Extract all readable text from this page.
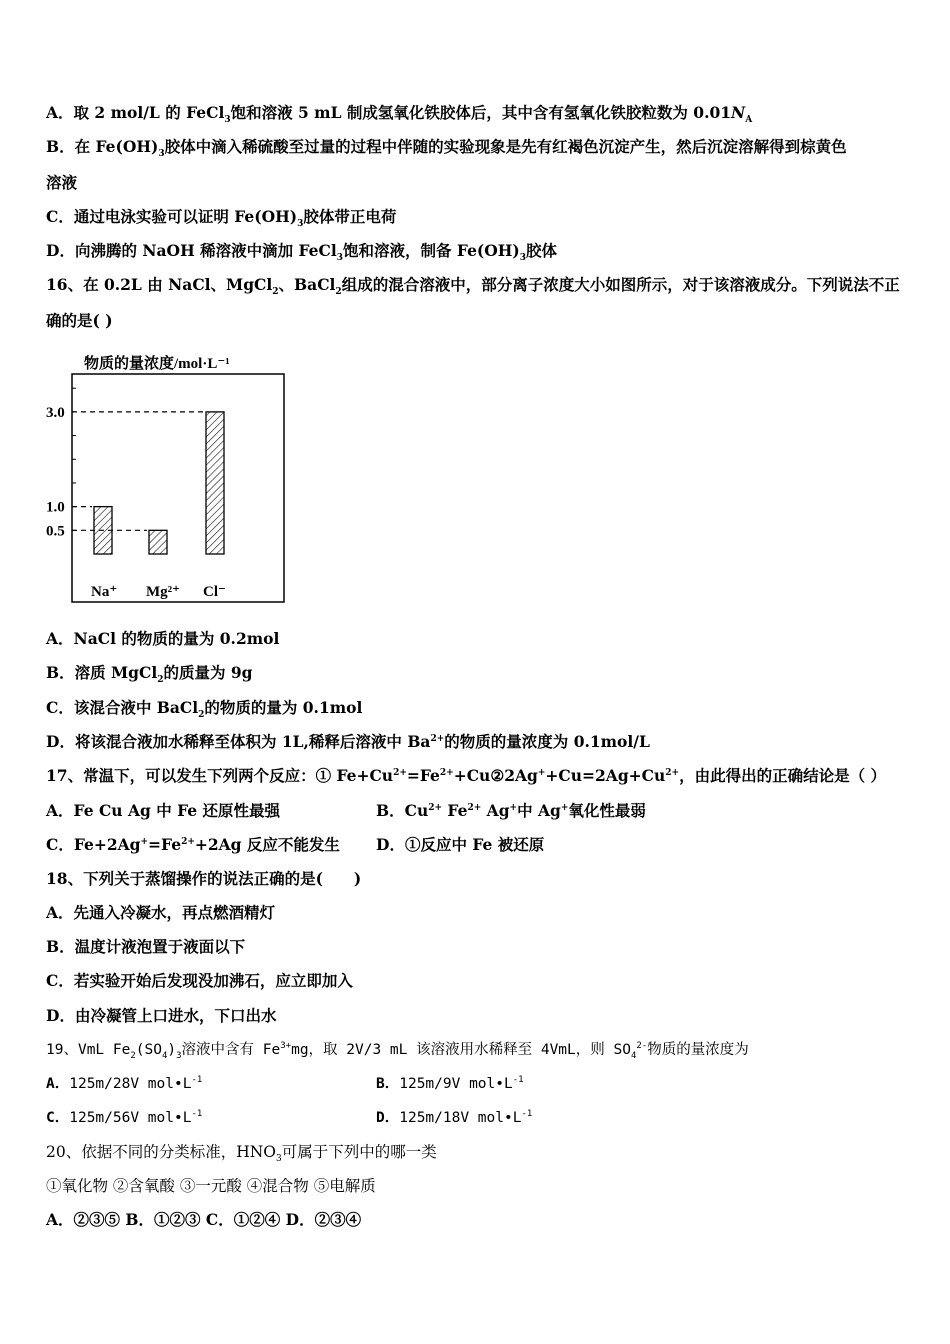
A．取 2 mol/L 的 FeCl$_3$饱和溶液 5 mL 制成氢氧化铁胶体后，其中含有氢氧化铁胶粒数为 $0.01N_A$
B．在 $Fe(OH)_3$胶体中滴入稀硫酸至过量的过程中伴随的实验现象是先有红褐色沉淀产生，然后沉淀溶解得到棕黄色
溶液
C．通过电泳实验可以证明 $Fe(OH)_3$胶体带正电荷
D．向沸腾的 NaOH 稀溶液中滴加 FeCl$_3$饱和溶液，制备 $Fe(OH)_3$胶体
16、在 0.2L 由 NaCl、MgCl$_2$、BaCl$_2$组成的混合溶液中，部分离子浓度大小如图所示，对于该溶液成分。下列说法不正
确的是( )
物质的量浓度/mol·L⁻¹
3.0
1.0
0.5
Na⁺ Mg²⁺ Cl⁻
A．NaCl 的物质的量为 0.2mol
B．溶质 MgCl$_2$的质量为 9g
C．该混合液中 BaCl$_2$的物质的量为 0.1mol
D．将该混合液加水稀释至体积为 1L,稀释后溶液中 $Ba^{2+}$的物质的量浓度为 0.1mol/L
17、常温下，可以发生下列两个反应：① $Fe+Cu^{2+}=Fe^{2+}+Cu②2Ag^++Cu=2Ag+Cu^{2+}$，由此得出的正确结论是（ ）
A．Fe Cu Ag 中 Fe 还原性最强	B．$Cu^{2+}$ $Fe^{2+}$ Ag+中 Ag+氧化性最弱
C．$Fe+2Ag^+=Fe^{2+}+2Ag$ 反应不能发生 D．①反应中 Fe 被还原
18、下列关于蒸馏操作的说法正确的是(　　)
A．先通入冷凝水，再点燃酒精灯
B．温度计液泡置于液面以下
C．若实验开始后发现没加沸石，应立即加入
D．由冷凝管上口进水，下口出水
19、VmL $Fe_2(SO_4)_3$溶液中含有 $Fe^{3+}mg$，取 2V/3 mL 该溶液用水稀释至 4VmL，则 $SO_4^{2-}$物质的量浓度为
A．125m/28V $mol•L^{-1}$	B．125m/9V $mol•L^{-1}$
C．125m/56V $mol•L^{-1}$	D．125m/18V $mol•L^{-1}$
20、依据不同的分类标准，$HNO_3$可属于下列中的哪一类
①氧化物 ②含氧酸 ③一元酸 ④混合物 ⑤电解质
A．②③⑤ B．①②③ C．①②④ D．②③④
